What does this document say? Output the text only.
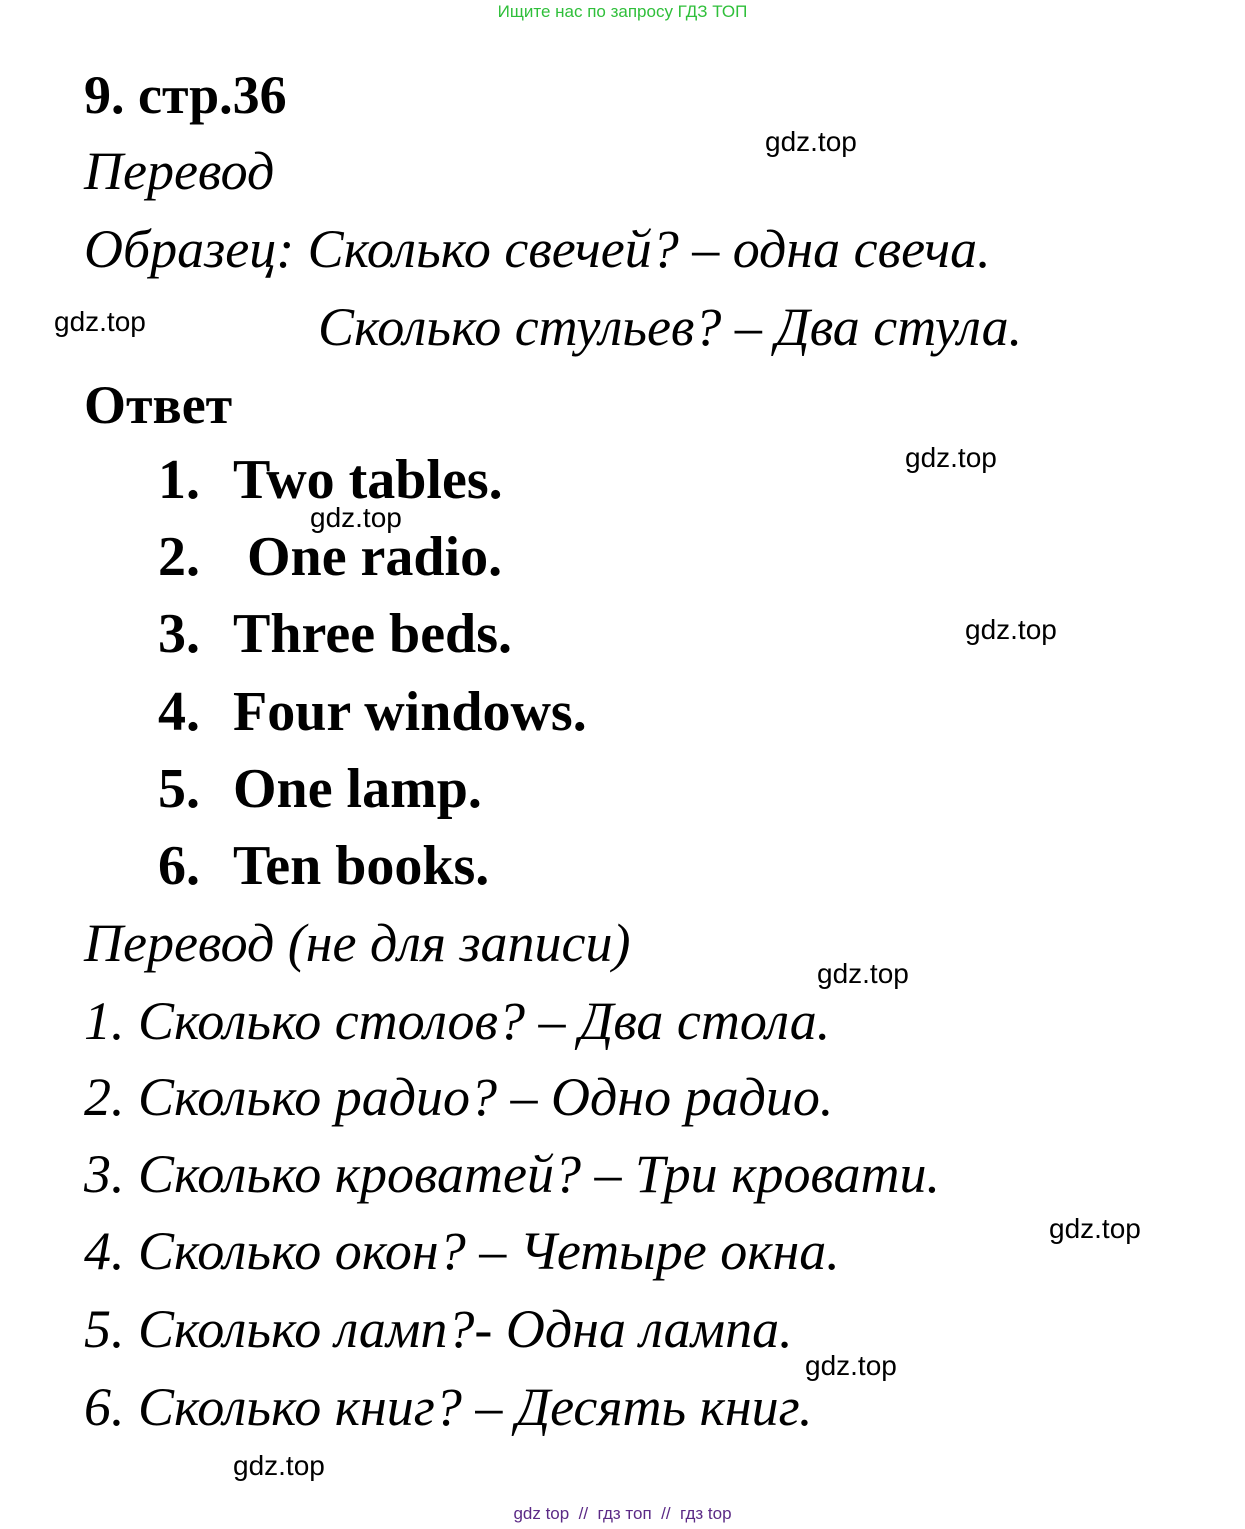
Ищите нас по запросу ГДЗ ТОП
9. стр.36
Перевод
Образец: Сколько свечей? – одна свеча.
Сколько стульев? – Два стула.
Ответ
1. Two tables.
2. One radio.
3. Three beds.
4. Four windows.
5. One lamp.
6. Ten books.
Перевод (не для записи)
1. Сколько столов? – Два стола.
2. Сколько радио? – Одно радио.
3. Сколько кроватей? – Три кровати.
4. Сколько окон? – Четыре окна.
5. Сколько ламп?- Одна лампа.
6. Сколько книг? – Десять книг.
gdz.top
gdz.top
gdz.top
gdz.top
gdz.top
gdz.top
gdz.top
gdz.top
gdz.top
gdz top  //  гдз топ  //  гдз top
